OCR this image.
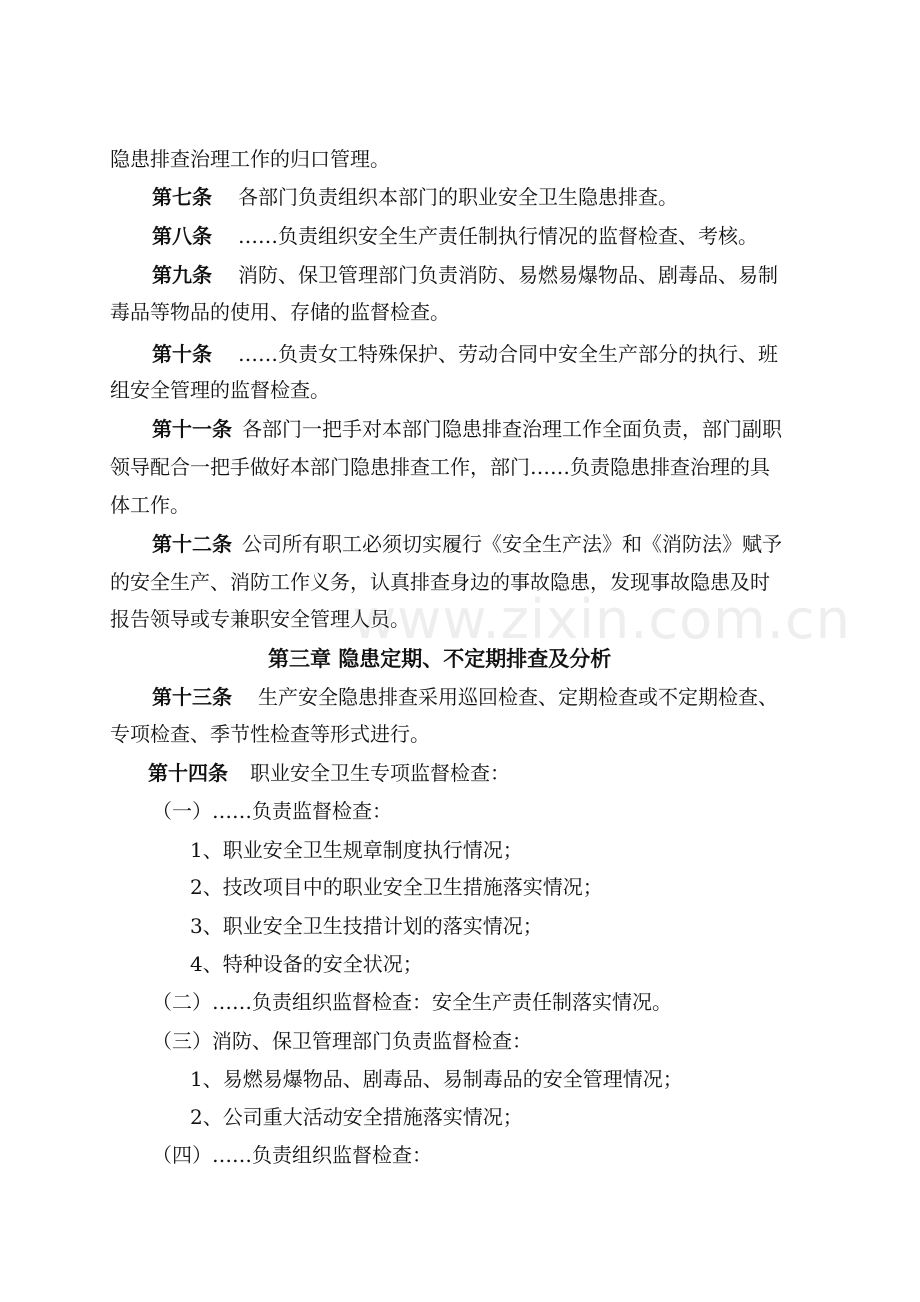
www.zixin.com.cn
隐患排查治理工作的归口管理。
第七条 各部门负责组织本部门的职业安全卫生隐患排查。
第八条 ……负责组织安全生产责任制执行情况的监督检查、考核。
第九条 消防、保卫管理部门负责消防、易燃易爆物品、剧毒品、易制
毒品等物品的使用、存储的监督检查。
第十条 ……负责女工特殊保护、劳动合同中安全生产部分的执行、班
组安全管理的监督检查。
第十一条 各部门一把手对本部门隐患排查治理工作全面负责，部门副职
领导配合一把手做好本部门隐患排查工作，部门……负责隐患排查治理的具
体工作。
第十二条 公司所有职工必须切实履行《安全生产法》和《消防法》赋予
的安全生产、消防工作义务，认真排查身边的事故隐患，发现事故隐患及时
报告领导或专兼职安全管理人员。
第三章 隐患定期、不定期排查及分析
第十三条 生产安全隐患排查采用巡回检查、定期检查或不定期检查、
专项检查、季节性检查等形式进行。
第十四条 职业安全卫生专项监督检查：
（一）……负责监督检查：
1、职业安全卫生规章制度执行情况；
2、技改项目中的职业安全卫生措施落实情况；
3、职业安全卫生技措计划的落实情况；
4、特种设备的安全状况；
（二）……负责组织监督检查：安全生产责任制落实情况。
（三）消防、保卫管理部门负责监督检查：
1、易燃易爆物品、剧毒品、易制毒品的安全管理情况；
2、公司重大活动安全措施落实情况；
（四）……负责组织监督检查：
